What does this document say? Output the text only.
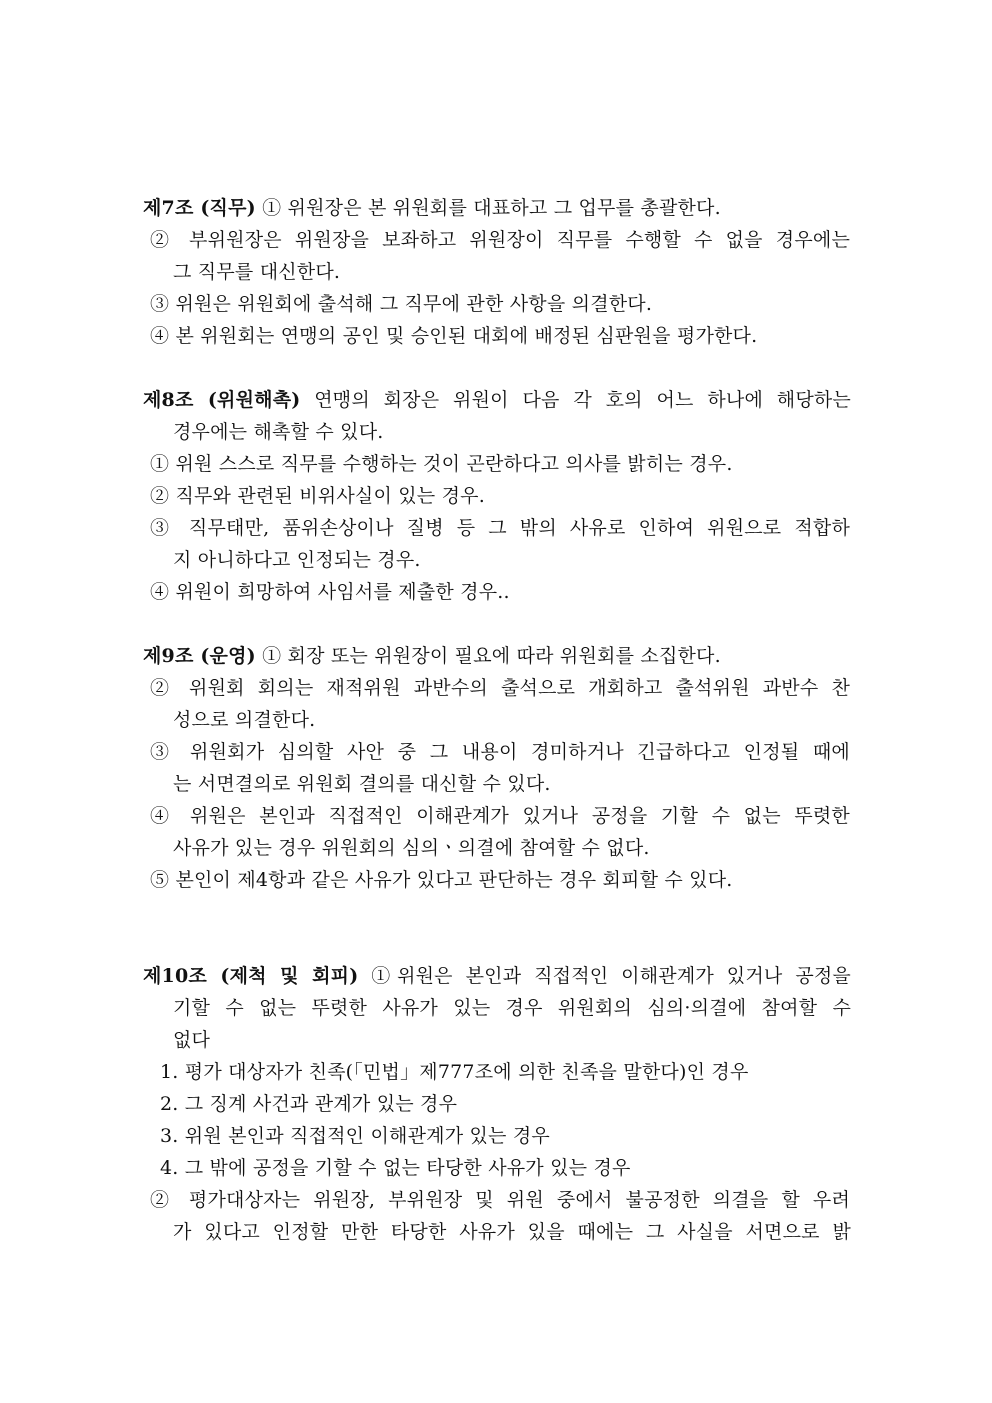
제7조 (직무) ① 위원장은 본 위원회를 대표하고 그 업무를 총괄한다.
② 부위원장은 위원장을 보좌하고 위원장이 직무를 수행할 수 없을 경우에는
그 직무를 대신한다.
③ 위원은 위원회에 출석해 그 직무에 관한 사항을 의결한다.
④ 본 위원회는 연맹의 공인 및 승인된 대회에 배정된 심판원을 평가한다.
제8조 (위원해촉) 연맹의 회장은 위원이 다음 각 호의 어느 하나에 해당하는
경우에는 해촉할 수 있다.
① 위원 스스로 직무를 수행하는 것이 곤란하다고 의사를 밝히는 경우.
② 직무와 관련된 비위사실이 있는 경우.
③ 직무태만, 품위손상이나 질병 등 그 밖의 사유로 인하여 위원으로 적합하
지 아니하다고 인정되는 경우.
④ 위원이 희망하여 사임서를 제출한 경우..
제9조 (운영) ① 회장 또는 위원장이 필요에 따라 위원회를 소집한다.
② 위원회 회의는 재적위원 과반수의 출석으로 개회하고 출석위원 과반수 찬
성으로 의결한다.
③ 위원회가 심의할 사안 중 그 내용이 경미하거나 긴급하다고 인정될 때에
는 서면결의로 위원회 결의를 대신할 수 있다.
④ 위원은 본인과 직접적인 이해관계가 있거나 공정을 기할 수 없는 뚜렷한
사유가 있는 경우 위원회의 심의ㆍ의결에 참여할 수 없다.
⑤ 본인이 제4항과 같은 사유가 있다고 판단하는 경우 회피할 수 있다.
제10조 (제척 및 회피) ①위원은 본인과 직접적인 이해관계가 있거나 공정을
기할 수 없는 뚜렷한 사유가 있는 경우 위원회의 심의·의결에 참여할 수
없다
1. 평가 대상자가 친족(「민법」제777조에 의한 친족을 말한다)인 경우
2. 그 징계 사건과 관계가 있는 경우
3. 위원 본인과 직접적인 이해관계가 있는 경우
4. 그 밖에 공정을 기할 수 없는 타당한 사유가 있는 경우
② 평가대상자는 위원장, 부위원장 및 위원 중에서 불공정한 의결을 할 우려
가 있다고 인정할 만한 타당한 사유가 있을 때에는 그 사실을 서면으로 밝
